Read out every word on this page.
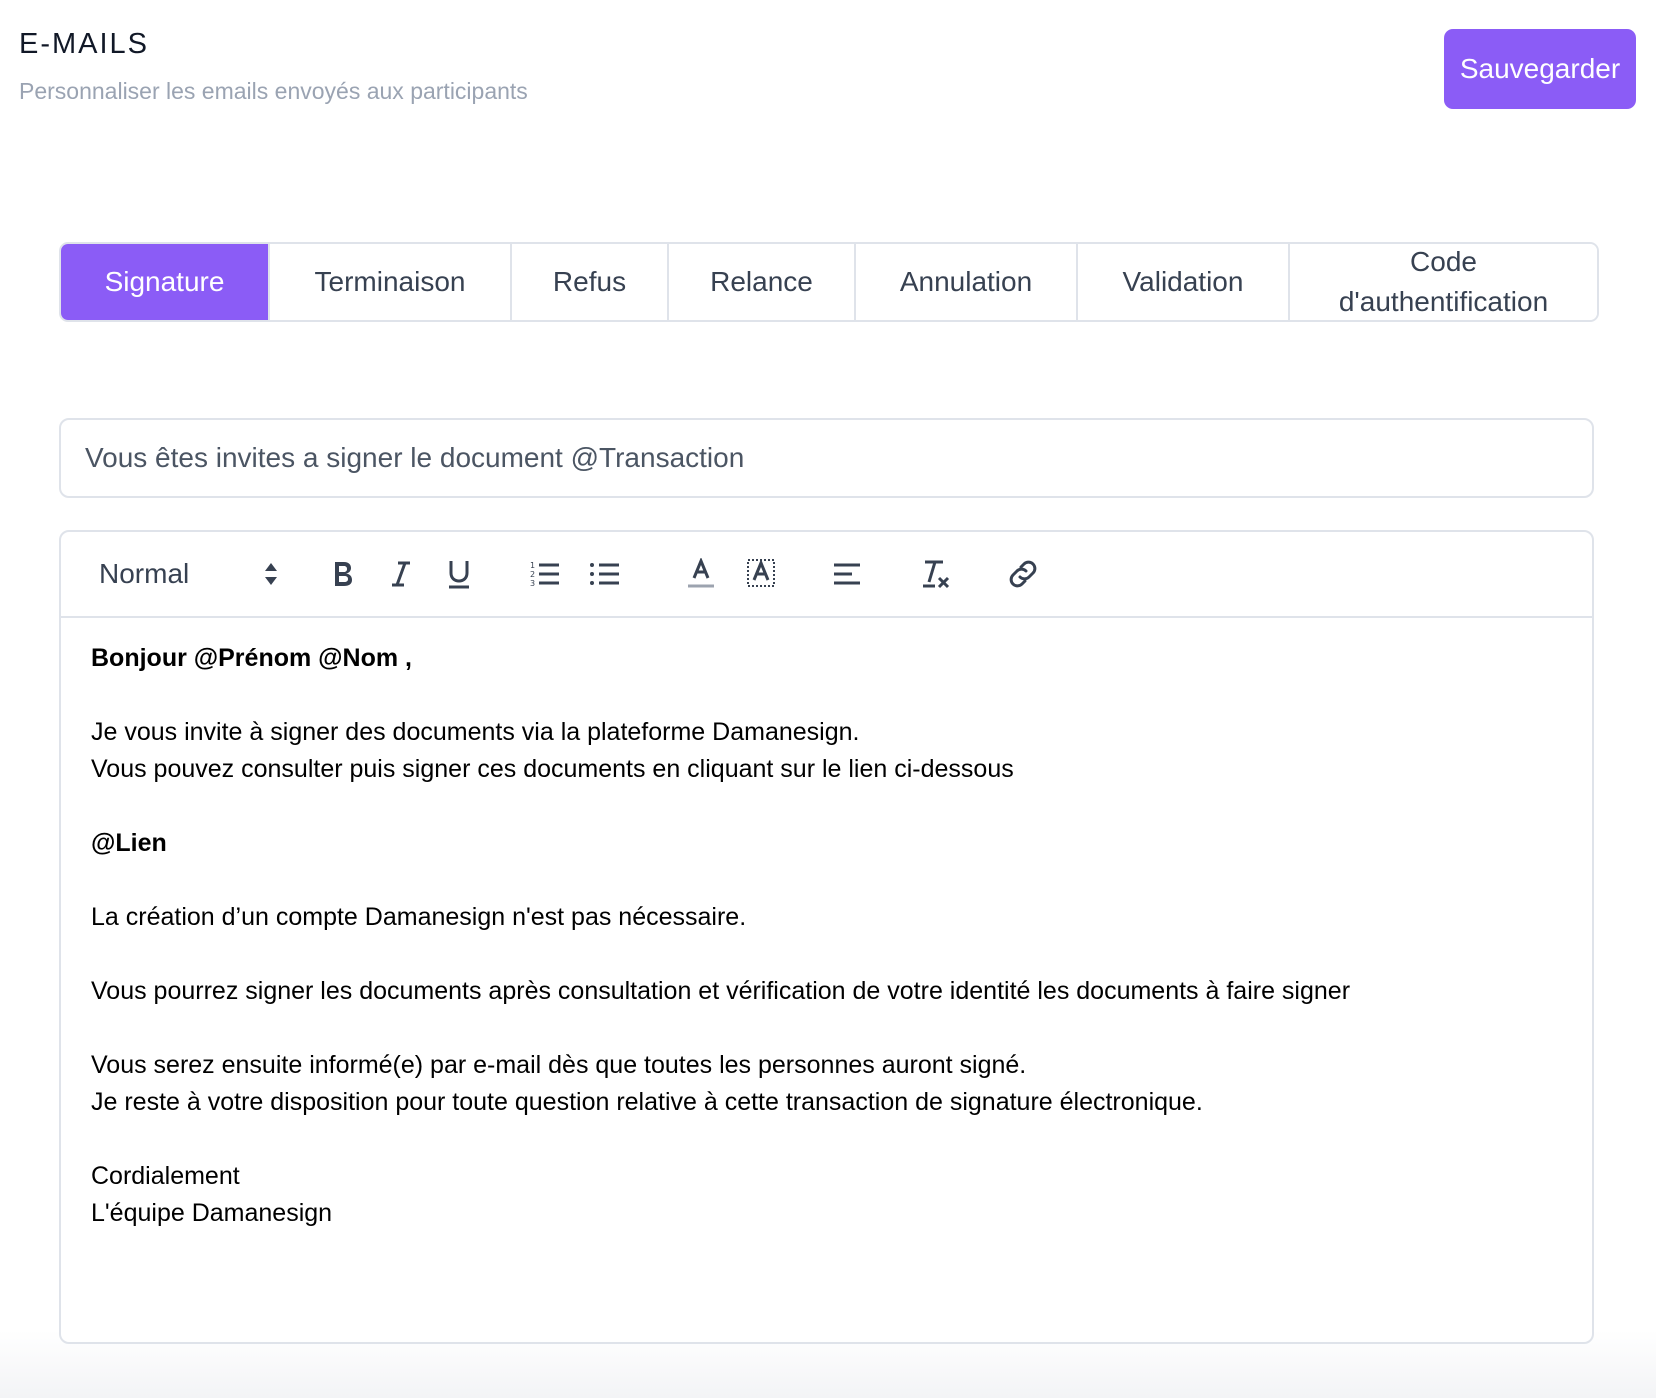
E-MAILS
Personnaliser les emails envoyés aux participants
Sauvegarder
Signature	Terminaison	Refus	Relance	Annulation	Validation
Code d'authentification
Vous êtes invites a signer le document @Transaction
Normal	1
2
3

Bonjour @Prénom @Nom ,

Je vous invite à signer des documents via la plateforme Damanesign.

Vous pouvez consulter puis signer ces documents en cliquant sur le lien ci-dessous

@Lien

La création d’un compte Damanesign n'est pas nécessaire.

Vous pourrez signer les documents après consultation et vérification de votre identité les documents à faire signer

Vous serez ensuite informé(e) par e-mail dès que toutes les personnes auront signé.

Je reste à votre disposition pour toute question relative à cette transaction de signature électronique.

Cordialement

L'équipe Damanesign
